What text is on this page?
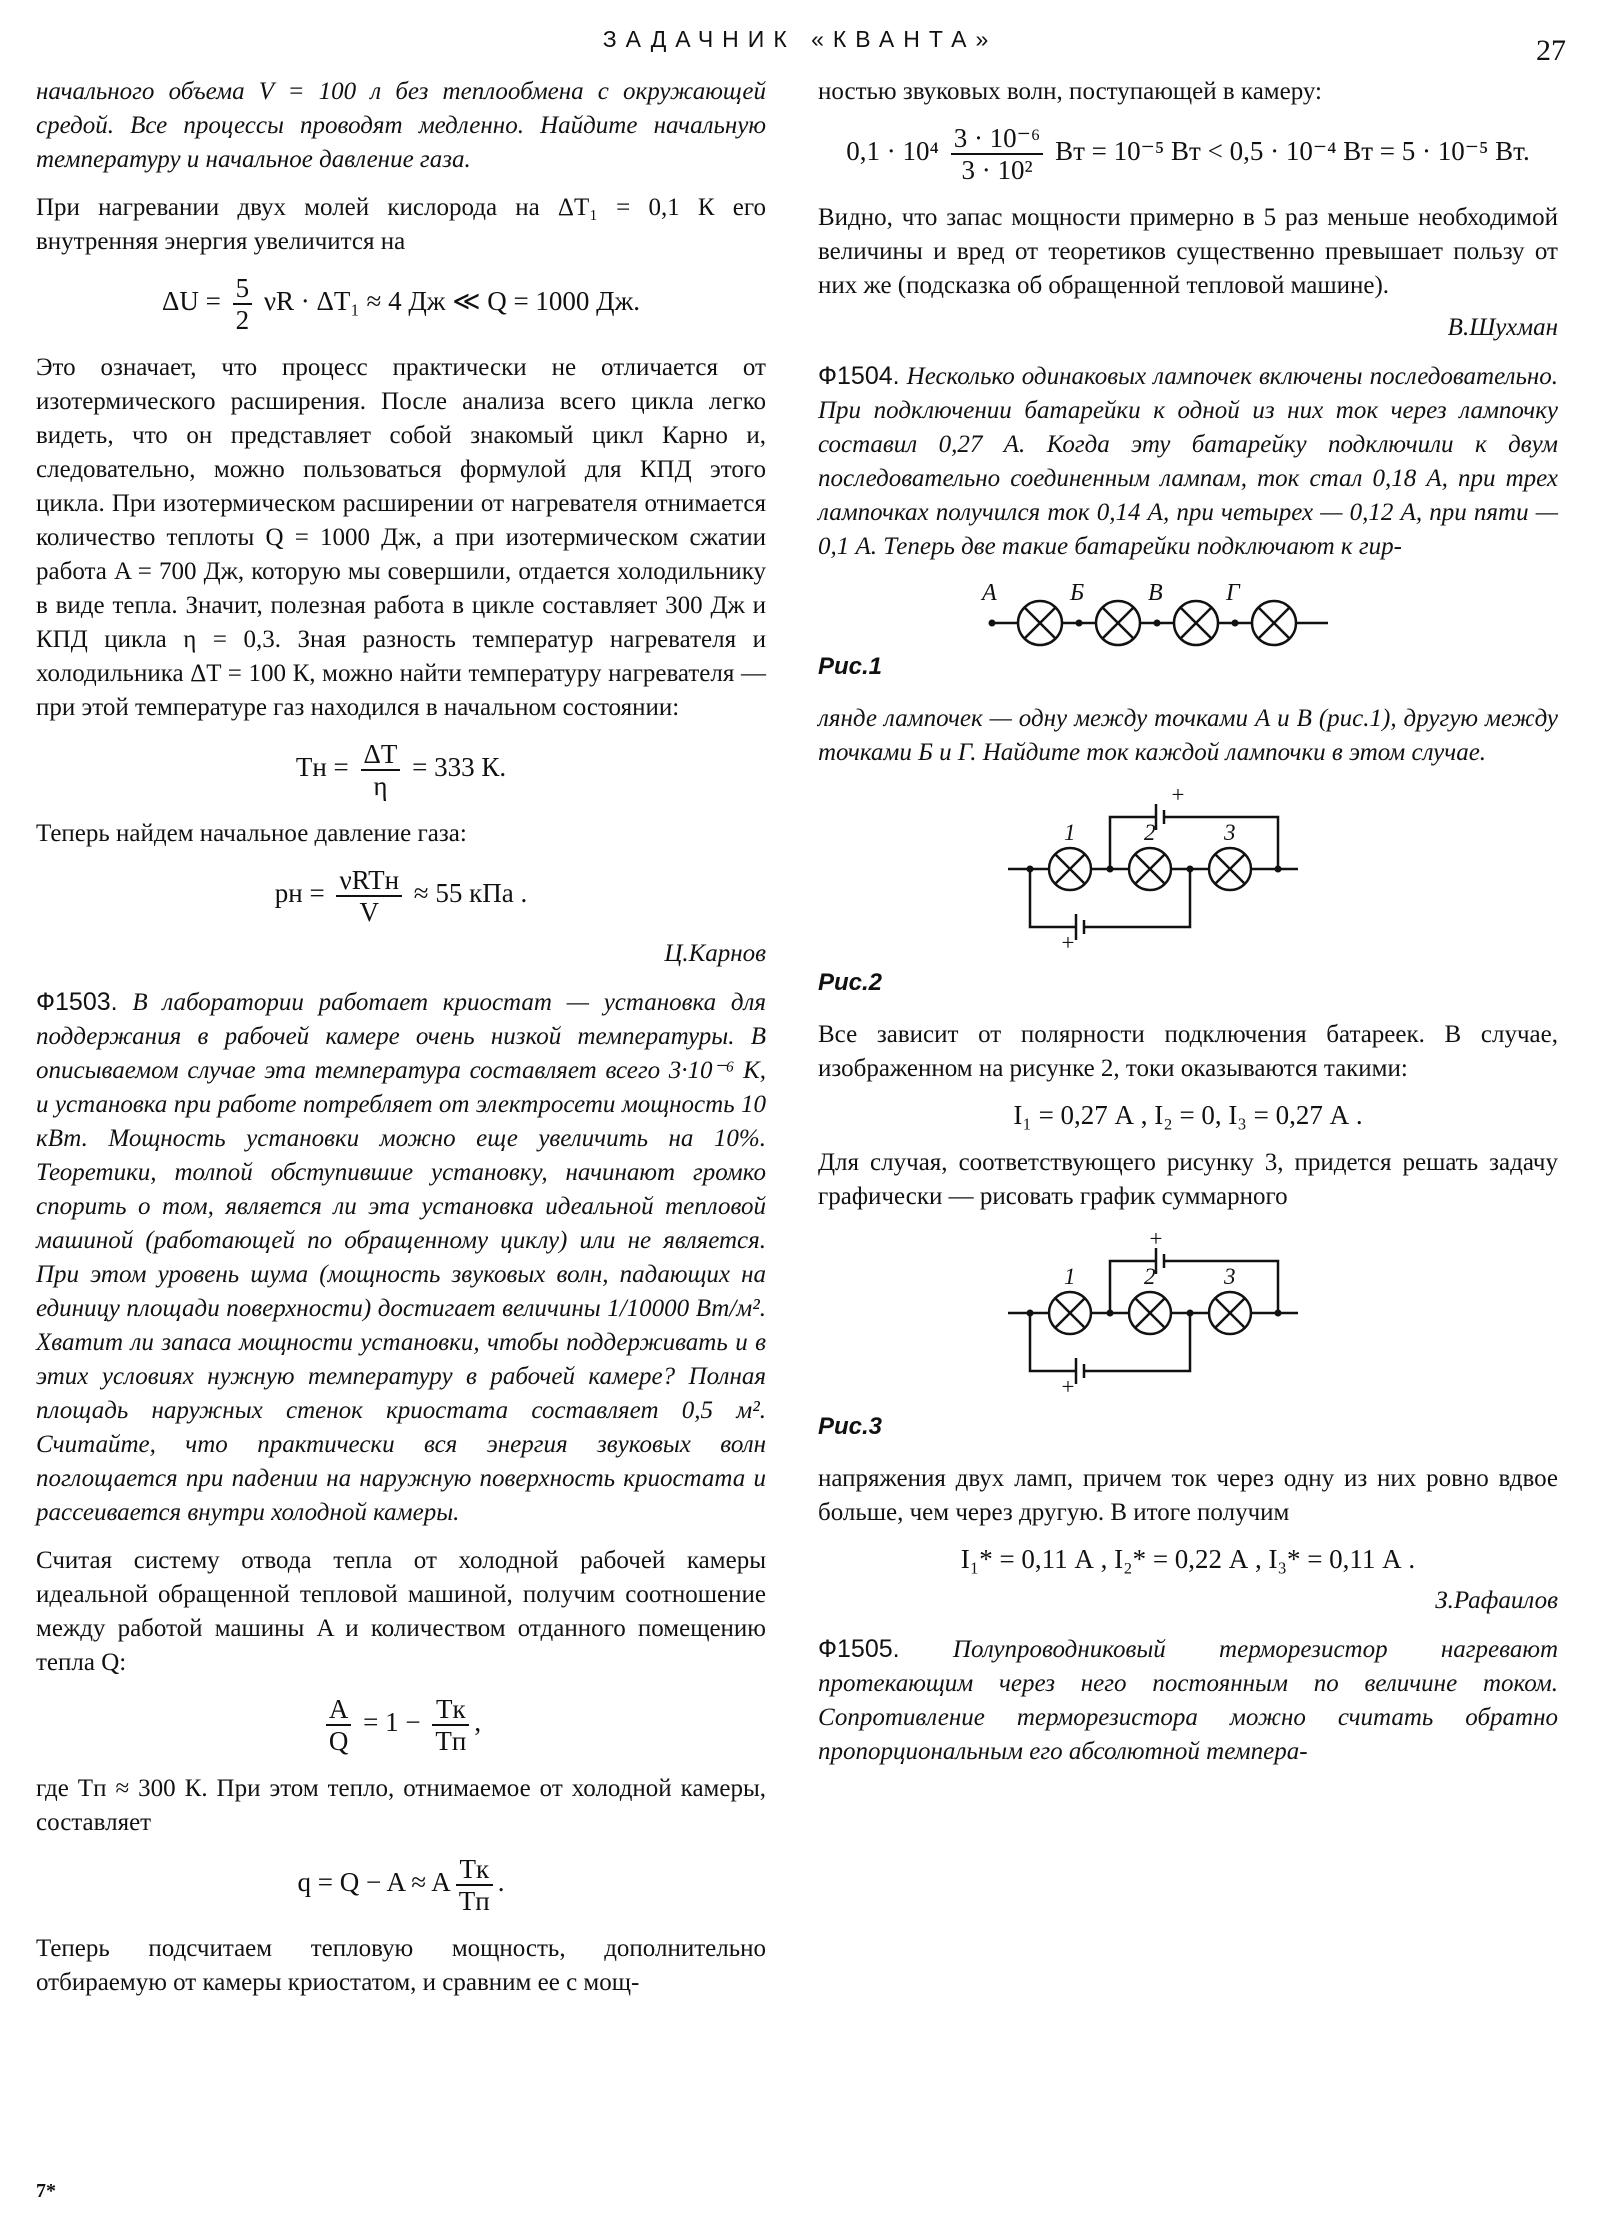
ЗАДАЧНИК «КВАНТА»	27

начального объема V = 100 л без теплообмена с окружающей средой. Все процессы проводят медленно. Найдите начальную температуру и начальное давление газа.

При нагревании двух молей кислорода на ΔT₁ = 0,1 К его внутренняя энергия увеличится на

$\Delta U = \frac{5}{2}$ νR · ΔT₁ ≈ 4 Дж ≪ Q = 1000 Дж.

Это означает, что процесс практически не отличается от изотермического расширения. После анализа всего цикла легко видеть, что он представляет собой знакомый цикл Карно и, следовательно, можно пользоваться формулой для КПД этого цикла. При изотермическом расширении от нагревателя отнимается количество теплоты Q = 1000 Дж, а при изотермическом сжатии работа A = 700 Дж, которую мы совершили, отдается холодильнику в виде тепла. Значит, полезная работа в цикле составляет 300 Дж и КПД цикла η = 0,3. Зная разность температур нагревателя и холодильника ΔT = 100 К, можно найти температуру нагревателя — при этой температуре газ находился в начальном состоянии:

Tн = $\frac{\Delta T}{\eta} = 333$ К.

Теперь найдем начальное давление газа:

pн = νRTн
V
≈ 55 кПа .
Ц.Карнов

Ф1503. В лаборатории работает криостат — установка для поддержания в рабочей камере очень низкой температуры. В описываемом случае эта температура составляет всего 3·10⁻⁶ К, и установка при работе потребляет от электросети мощность 10 кВт. Мощность установки можно еще увеличить на 10%. Теоретики, толпой обступившие установку, начинают громко спорить о том, является ли эта установка идеальной тепловой машиной (работающей по обращенному циклу) или не является. При этом уровень шума (мощность звуковых волн, падающих на единицу площади поверхности) достигает величины 1/10000 Вт/м². Хватит ли запаса мощности установки, чтобы поддерживать и в этих условиях нужную температуру в рабочей камере? Полная площадь наружных стенок криостата составляет 0,5 м². Считайте, что практически вся энергия звуковых волн поглощается при падении на наружную поверхность криостата и рассеивается внутри холодной камеры.

Считая систему отвода тепла от холодной рабочей камеры идеальной обращенной тепловой машиной, получим соотношение между работой машины A и количеством отданного помещению тепла Q:

$\frac{A}{Q} = 1$ − Tк
Tп
,

где Tп ≈ 300 К. При этом тепло, отнимаемое от холодной камеры, составляет

q = Q − A ≈ A Tк
Tп
.

Теперь подсчитаем тепловую мощность, дополнительно отбираемую от камеры криостатом, и сравним ее с мощ-

ностью звуковых волн, поступающей в камеру:

$0,1 \cdot 10^4 \frac{\text{3 · 10⁻⁶}}{\text{3 · 10²}}$ Вт = 10⁻⁵ Вт < 0,5 · 10⁻⁴ Вт = 5 · 10⁻⁵ Вт.

Видно, что запас мощности примерно в 5 раз меньше необходимой величины и вред от теоретиков существенно превышает пользу от них же (подсказка об обращенной тепловой машине).

В.Шухман

Ф1504. Несколько одинаковых лампочек включены последовательно. При подключении батарейки к одной из них ток через лампочку составил 0,27 А. Когда эту батарейку подключили к двум последовательно соединенным лампам, ток стал 0,18 А, при трех лампочках получился ток 0,14 А, при четырех — 0,12 А, при пяти — 0,1 А. Теперь две такие батарейки подключают к гир-

А	Б	В	Г
Рис.1

лянде лампочек — одну между точками А и В (рис.1), другую между точками Б и Г. Найдите ток каждой лампочки в этом случае.

1	2	3
+
+
Рис.2

Все зависит от полярности подключения батареек. В случае, изображенном на рисунке 2, токи оказываются такими:

I₁ = 0,27 А , I₂ = 0, I₃ = 0,27 А .

Для случая, соответствующего рисунку 3, придется решать задачу графически — рисовать график суммарного

1	2	3
+
+
Рис.3

напряжения двух ламп, причем ток через одну из них ровно вдвое больше, чем через другую. В итоге получим

I₁* = 0,11 А , I₂* = 0,22 А , I₃* = 0,11 А .
З.Рафаилов

Ф1505. Полупроводниковый терморезистор нагревают протекающим через него постоянным по величине током. Сопротивление терморезистора можно считать обратно пропорциональным его абсолютной темпера-

7*
